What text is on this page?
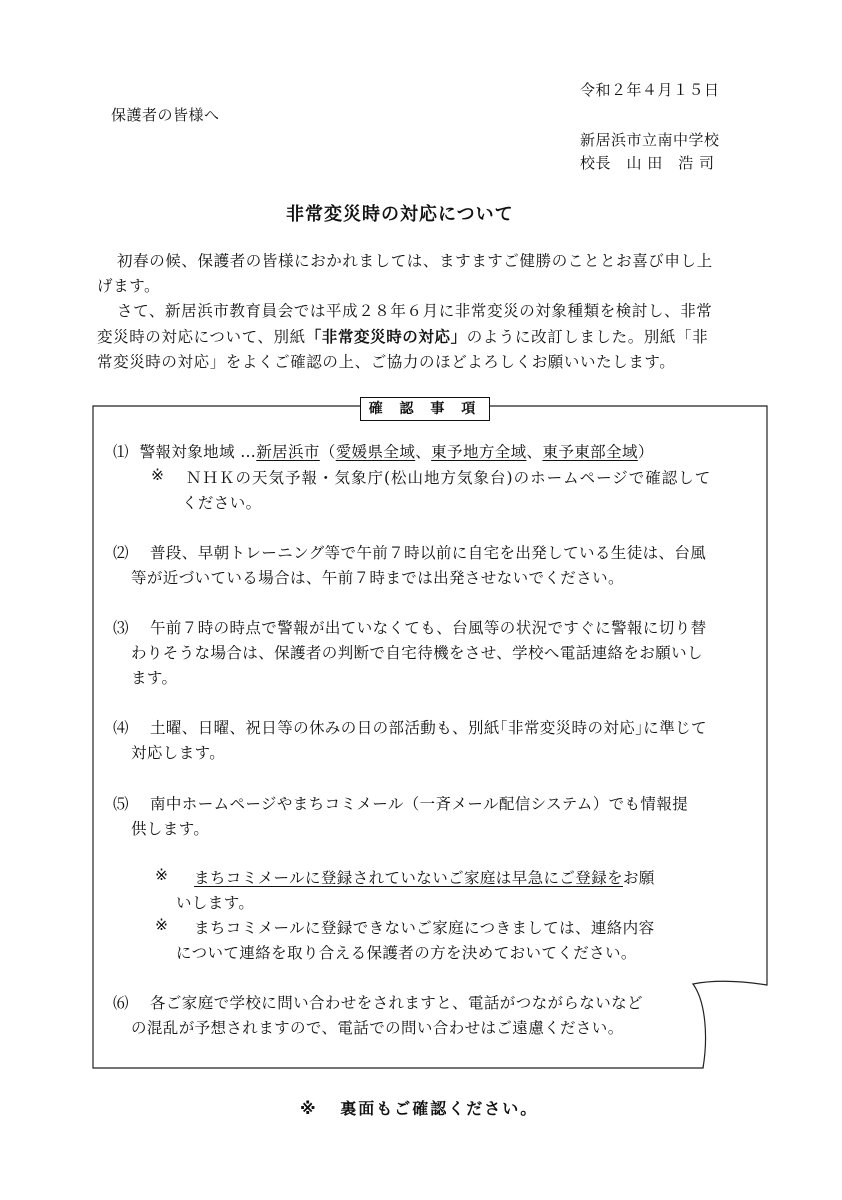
令和２年４月１５日
保護者の皆様へ
新居浜市立南中学校
校長　山 田　浩 司
非常変災時の対応について
初春の候、保護者の皆様におかれましては、ますますご健勝のこととお喜び申し上
げます。
さて、新居浜市教育員会では平成２８年６月に非常変災の対象種類を検討し、非常
変災時の対応について、別紙「非常変災時の対応」のように改訂しました。別紙「非
常変災時の対応」をよくご確認の上、ご協力のほどよろしくお願いいたします。
確 認 事 項
⑴ 警報対象地域 …新居浜市（愛媛県全域、東予地方全域、東予東部全域）
※ ＮＨＫの天気予報・気象庁(松山地方気象台)のホームページで確認して
ください。
⑵ 普段、早朝トレーニング等で午前７時以前に自宅を出発している生徒は、台風
等が近づいている場合は、午前７時までは出発させないでください。
⑶ 午前７時の時点で警報が出ていなくても、台風等の状況ですぐに警報に切り替
わりそうな場合は、保護者の判断で自宅待機をさせ、学校へ電話連絡をお願いし
ます。
⑷ 土曜、日曜、祝日等の休みの日の部活動も、別紙｢非常変災時の対応｣に準じて
対応します。
⑸ 南中ホームページやまちコミメール（一斉メール配信システム）でも情報提
供します。
※ まちコミメールに登録されていないご家庭は早急にご登録をお願
いします。
※ まちコミメールに登録できないご家庭につきましては、連絡内容
について連絡を取り合える保護者の方を決めておいてください。
⑹ 各ご家庭で学校に問い合わせをされますと、電話がつながらないなど
の混乱が予想されますので、電話での問い合わせはご遠慮ください。
※ 裏面もご確認ください。
